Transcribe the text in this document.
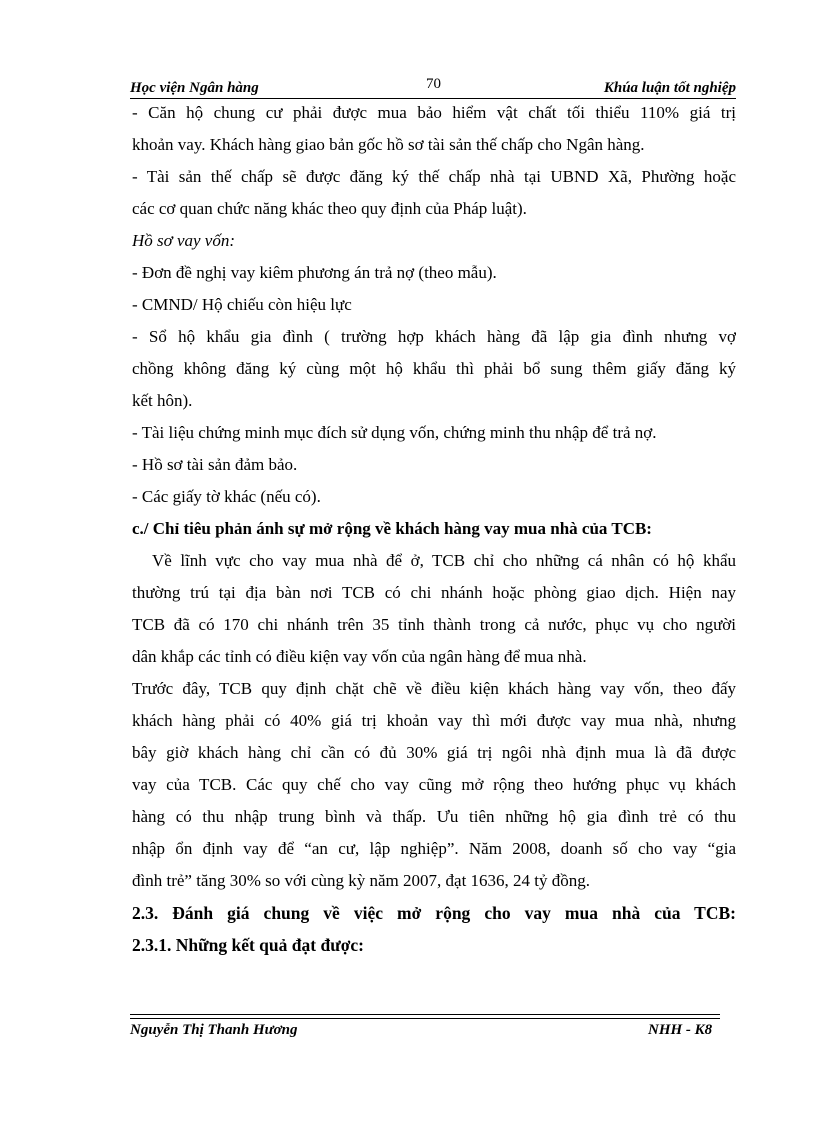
Học viện Ngân hàng	70	Khúa luận tốt nghiệp
- Căn hộ chung cư phải được mua bảo hiểm vật chất tối thiểu 110% giá trị
khoản vay. Khách hàng giao bản gốc hồ sơ tài sản thế chấp cho Ngân hàng.
- Tài sản thế chấp sẽ được đăng ký thế chấp nhà tại UBND Xã, Phường hoặc
các cơ quan chức năng khác theo quy định của Pháp luật).
Hồ sơ vay vốn:
- Đơn đề nghị vay kiêm phương án trả nợ (theo mẫu).
- CMND/ Hộ chiếu còn hiệu lực
- Sổ hộ khẩu gia đình ( trường hợp khách hàng đã lập gia đình nhưng vợ
chồng không đăng ký cùng một hộ khẩu thì phải bổ sung thêm giấy đăng ký
kết hôn).
- Tài liệu chứng minh mục đích sử dụng vốn, chứng minh thu nhập để trả nợ.
- Hồ sơ tài sản đảm bảo.
- Các giấy tờ khác (nếu có).
c./ Chỉ tiêu phản ánh sự mở rộng về khách hàng vay mua nhà của TCB:
Về lĩnh vực cho vay mua nhà để ở, TCB chỉ cho những cá nhân có hộ khẩu
thường trú tại địa bàn nơi TCB có chi nhánh hoặc phòng giao dịch. Hiện nay
TCB đã có 170 chi nhánh trên 35 tỉnh thành trong cả nước, phục vụ cho người
dân khắp các tỉnh có điều kiện vay vốn của ngân hàng để mua nhà.
Trước đây, TCB quy định chặt chẽ về điều kiện khách hàng vay vốn, theo đấy
khách hàng phải có 40% giá trị khoản vay thì mới được vay mua nhà, nhưng
bây giờ khách hàng chỉ cần có đủ 30% giá trị ngôi nhà định mua là đã được
vay của TCB. Các quy chế cho vay cũng mở rộng theo hướng phục vụ khách
hàng có thu nhập trung bình và thấp. Ưu tiên những hộ gia đình trẻ có thu
nhập ổn định vay để “an cư, lập nghiệp”. Năm 2008, doanh số cho vay “gia
đình trẻ” tăng 30% so với cùng kỳ năm 2007, đạt 1636, 24 tỷ đồng.
2.3. Đánh giá chung về việc mở rộng cho vay mua nhà của TCB:
2.3.1. Những kết quả đạt được:
Nguyễn Thị Thanh Hương	NHH - K8
